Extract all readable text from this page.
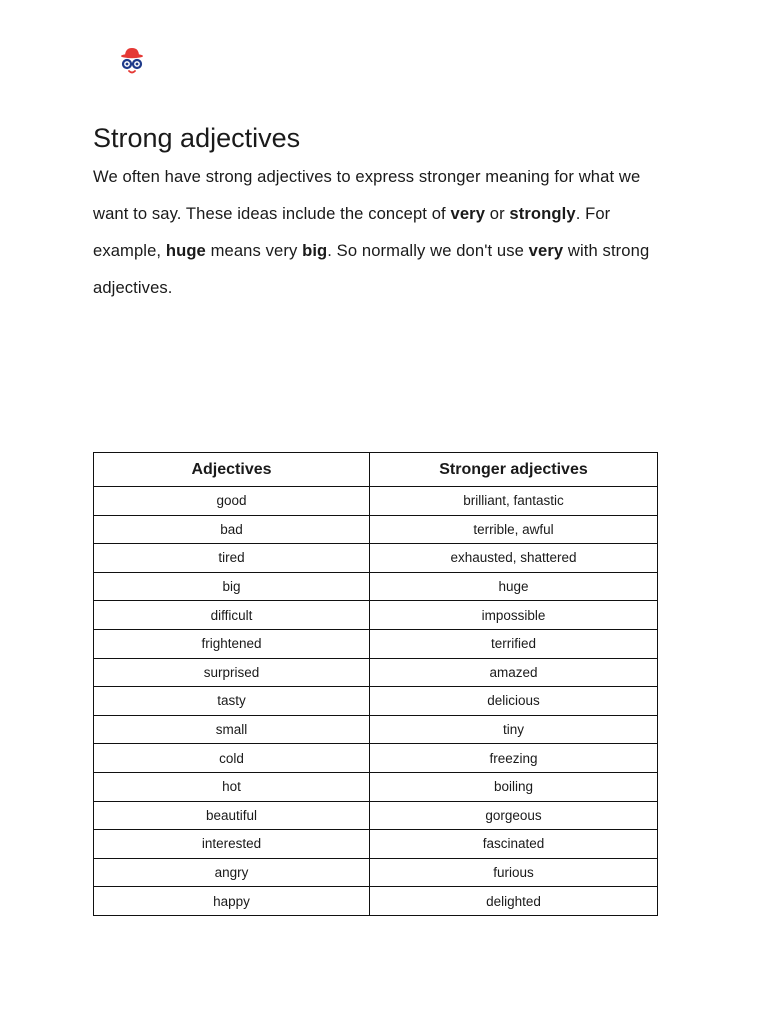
Strong adjectives

We often have strong adjectives to express stronger meaning for what we want to say. These ideas include the concept of very or strongly. For example, huge means very big. So normally we don't use very with strong adjectives.

Adjectives	Stronger adjectives
good	brilliant, fantastic
bad	terrible, awful
tired	exhausted, shattered
big	huge
difficult	impossible
frightened	terrified
surprised	amazed
tasty	delicious
small	tiny
cold	freezing
hot	boiling
beautiful	gorgeous
interested	fascinated
angry	furious
happy	delighted
